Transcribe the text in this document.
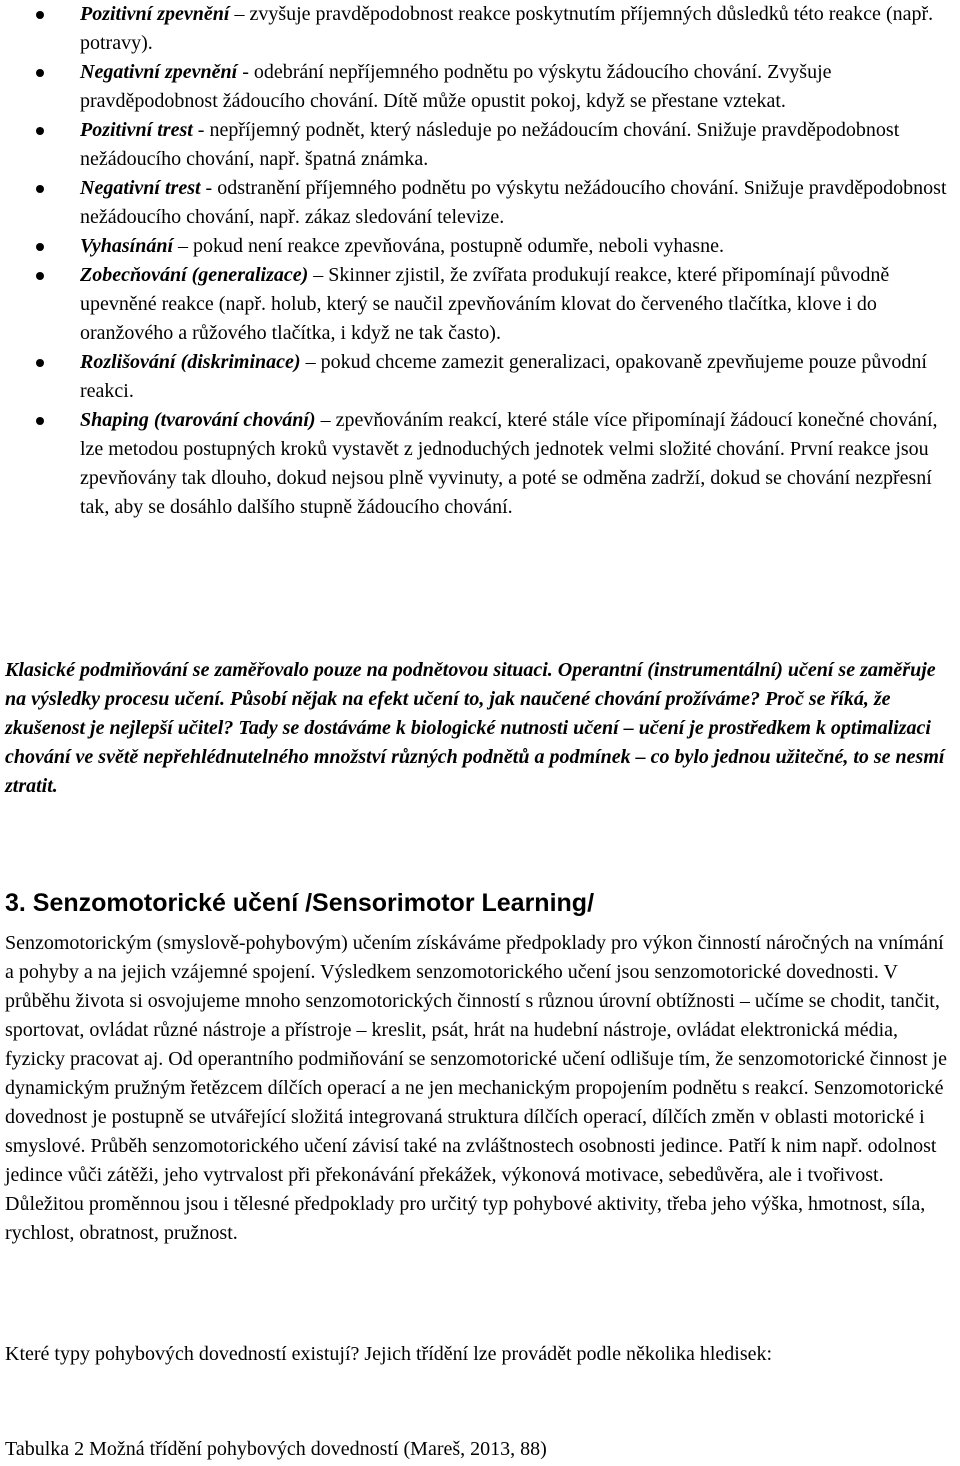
Pozitivní zpevnění – zvyšuje pravděpodobnost reakce poskytnutím příjemných důsledků této reakce (např. potravy).
Negativní zpevnění - odebrání nepříjemného podnětu po výskytu žádoucího chování. Zvyšuje pravděpodobnost žádoucího chování. Dítě může opustit pokoj, když se přestane vztekat.
Pozitivní trest - nepříjemný podnět, který následuje po nežádoucím chování. Snižuje pravděpodobnost nežádoucího chování, např. špatná známka.
Negativní trest - odstranění příjemného podnětu po výskytu nežádoucího chování. Snižuje pravděpodobnost nežádoucího chování, např. zákaz sledování televize.
Vyhasínání – pokud není reakce zpevňována, postupně odumře, neboli vyhasne.
Zobecňování (generalizace) – Skinner zjistil, že zvířata produkují reakce, které připomínají původně upevněné reakce (např. holub, který se naučil zpevňováním klovat do červeného tlačítka, klove i do oranžového a růžového tlačítka, i když ne tak často).
Rozlišování (diskriminace) – pokud chceme zamezit generalizaci, opakovaně zpevňujeme pouze původní reakci.
Shaping (tvarování chování) – zpevňováním reakcí, které stále více připomínají žádoucí konečné chování, lze metodou postupných kroků vystavět z jednoduchých jednotek velmi složité chování. První reakce jsou zpevňovány tak dlouho, dokud nejsou plně vyvinuty, a poté se odměna zadrží, dokud se chování nezpřesní tak, aby se dosáhlo dalšího stupně žádoucího chování.

Klasické podmiňování se zaměřovalo pouze na podnětovou situaci. Operantní (instrumentální) učení se zaměřuje na výsledky procesu učení. Působí nějak na efekt učení to, jak naučené chování prožíváme? Proč se říká, že zkušenost je nejlepší učitel? Tady se dostáváme k biologické nutnosti učení – učení je prostředkem k optimalizaci chování ve světě nepřehlédnutelného množství různých podnětů a podmínek – co bylo jednou užitečné, to se nesmí ztratit.

3. Senzomotorické učení /Sensorimotor Learning/

Senzomotorickým (smyslově-pohybovým) učením získáváme předpoklady pro výkon činností náročných na vnímání a pohyby a na jejich vzájemné spojení. Výsledkem senzomotorického učení jsou senzomotorické dovednosti. V průběhu života si osvojujeme mnoho senzomotorických činností s různou úrovní obtížnosti – učíme se chodit, tančit, sportovat, ovládat různé nástroje a přístroje – kreslit, psát, hrát na hudební nástroje, ovládat elektronická média, fyzicky pracovat aj. Od operantního podmiňování se senzomotorické učení odlišuje tím, že senzomotorické činnost je dynamickým pružným řetězcem dílčích operací a ne jen mechanickým propojením podnětu s reakcí. Senzomotorické dovednost je postupně se utvářející složitá integrovaná struktura dílčích operací, dílčích změn v oblasti motorické i smyslové. Průběh senzomotorického učení závisí také na zvláštnostech osobnosti jedince. Patří k nim např. odolnost jedince vůči zátěži, jeho vytrvalost při překonávání překážek, výkonová motivace, sebedůvěra, ale i tvořivost. Důležitou proměnnou jsou i tělesné předpoklady pro určitý typ pohybové aktivity, třeba jeho výška, hmotnost, síla, rychlost, obratnost, pružnost.

Které typy pohybových dovedností existují? Jejich třídění lze provádět podle několika hledisek:

Tabulka 2 Možná třídění pohybových dovedností (Mareš, 2013, 88)
